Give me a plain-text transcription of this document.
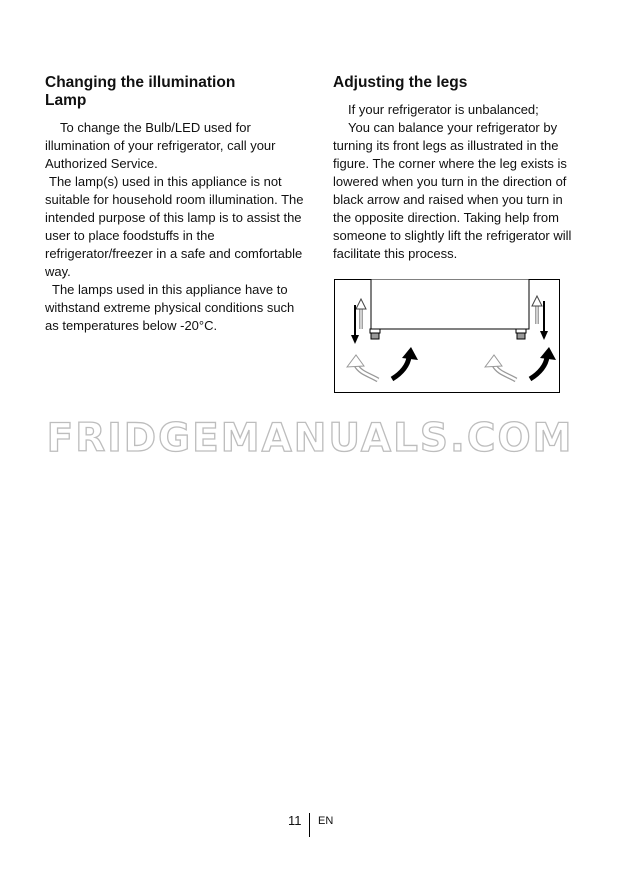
Changing the illumination
Lamp

To change the Bulb/LED used for illumination of your refrigerator, call your Authorized Service.

The lamp(s) used in this appliance is not suitable for household room illumination. The intended purpose of this lamp is to assist the user to place foodstuffs in the refrigerator/freezer in a safe and comfortable way.

The lamps used in this appliance have to withstand extreme physical conditions such as temperatures below -20°C.

Adjusting the legs

If your refrigerator is unbalanced;

You can balance your refrigerator by turning its front legs as illustrated in the figure. The corner where the leg exists is lowered when you turn in the direction of black arrow and raised when you turn in the opposite direction. Taking help from someone to slightly lift the refrigerator will facilitate this process.

FRIDGEMANUALS.COM
11 EN
